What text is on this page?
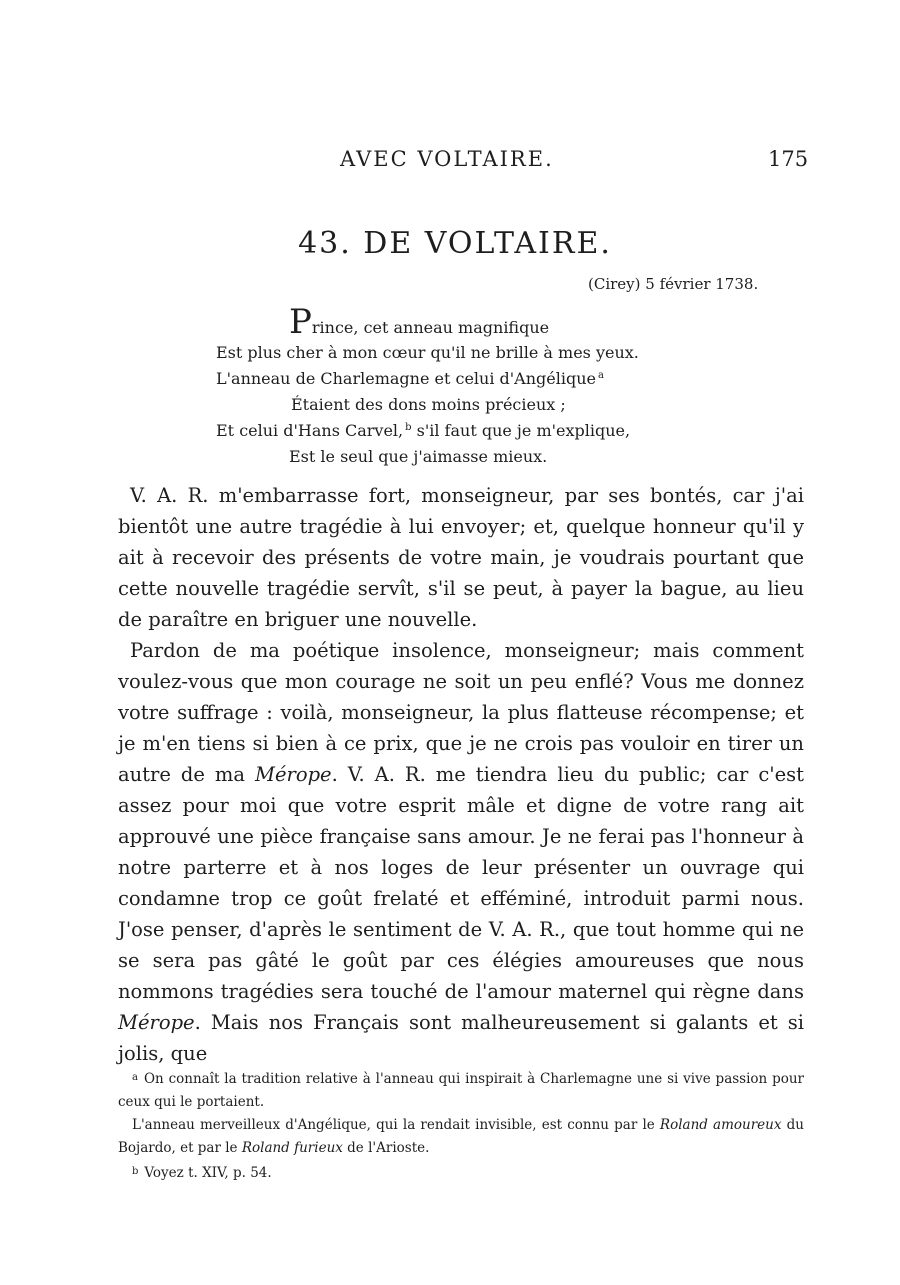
AVEC VOLTAIRE.	175
43. DE VOLTAIRE.
(Cirey) 5 février 1738.
Prince, cet anneau magnifique
Est plus cher à mon cœur qu'il ne brille à mes yeux.
L'anneau de Charlemagne et celui d'Angélique $^a$
Étaient des dons moins précieux ;
Et celui d'Hans Carvel, $^b$ s'il faut que je m'explique,
Est le seul que j'aimasse mieux.

V. A. R. m'embarrasse fort, monseigneur, par ses bontés, car j'ai bientôt une autre tragédie à lui envoyer; et, quelque honneur qu'il y ait à recevoir des présents de votre main, je voudrais pourtant que cette nouvelle tragédie servît, s'il se peut, à payer la bague, au lieu de paraître en briguer une nouvelle.

Pardon de ma poétique insolence, monseigneur; mais comment voulez-vous que mon courage ne soit un peu enflé? Vous me donnez votre suffrage : voilà, monseigneur, la plus flatteuse récompense; et je m'en tiens si bien à ce prix, que je ne crois pas vouloir en tirer un autre de ma Mérope. V. A. R. me tiendra lieu du public; car c'est assez pour moi que votre esprit mâle et digne de votre rang ait approuvé une pièce française sans amour. Je ne ferai pas l'honneur à notre parterre et à nos loges de leur présenter un ouvrage qui condamne trop ce goût frelaté et efféminé, introduit parmi nous. J'ose penser, d'après le sentiment de V. A. R., que tout homme qui ne se sera pas gâté le goût par ces élégies amoureuses que nous nommons tragédies sera touché de l'amour maternel qui règne dans Mérope. Mais nos Français sont malheureusement si galants et si jolis, que

$^a$ On connaît la tradition relative à l'anneau qui inspirait à Charlemagne une si vive passion pour ceux qui le portaient.

L'anneau merveilleux d'Angélique, qui la rendait invisible, est connu par le Roland amoureux du Bojardo, et par le Roland furieux de l'Arioste.

$^b$ Voyez t. XIV, p. 54.
